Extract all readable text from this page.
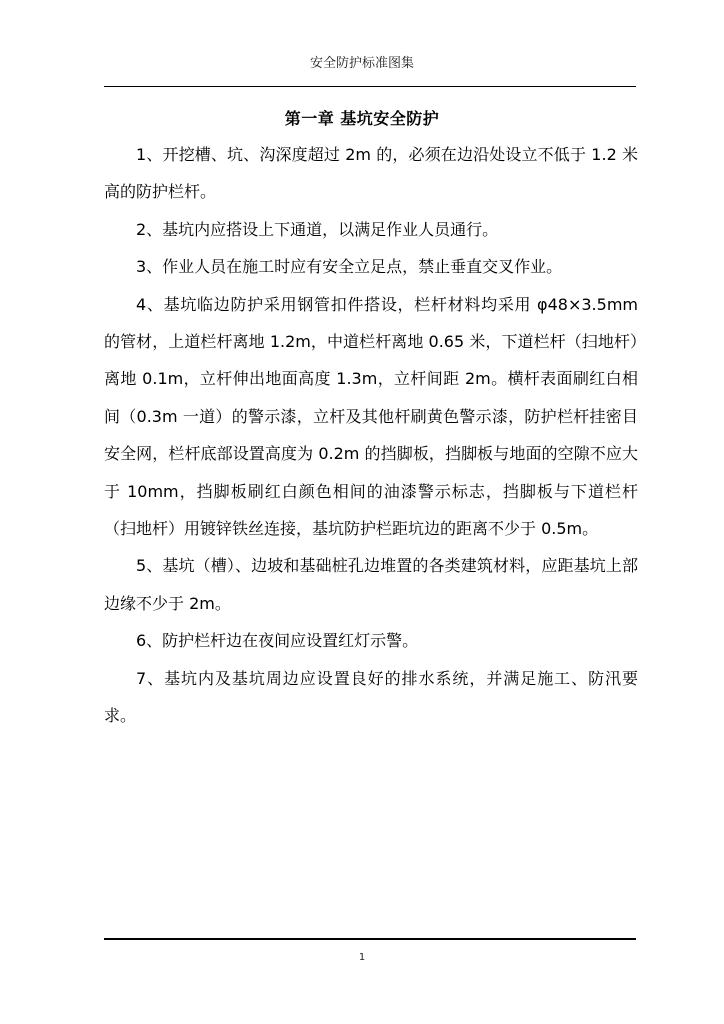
安全防护标准图集
第一章 基坑安全防护

1、开挖槽、坑、沟深度超过 2m 的，必须在边沿处设立不低于 1.2 米高的防护栏杆。

2、基坑内应搭设上下通道，以满足作业人员通行。

3、作业人员在施工时应有安全立足点，禁止垂直交叉作业。

4、基坑临边防护采用钢管扣件搭设，栏杆材料均采用 φ48×3.5mm 的管材，上道栏杆离地 1.2m，中道栏杆离地 0.65 米，下道栏杆（扫地杆）离地 0.1m，立杆伸出地面高度 1.3m，立杆间距 2m。横杆表面刷红白相间（0.3m 一道）的警示漆，立杆及其他杆刷黄色警示漆，防护栏杆挂密目安全网，栏杆底部设置高度为 0.2m 的挡脚板，挡脚板与地面的空隙不应大于 10mm，挡脚板刷红白颜色相间的油漆警示标志，挡脚板与下道栏杆（扫地杆）用镀锌铁丝连接，基坑防护栏距坑边的距离不少于 0.5m。

5、基坑（槽）、边坡和基础桩孔边堆置的各类建筑材料，应距基坑上部边缘不少于 2m。

6、防护栏杆边在夜间应设置红灯示警。

7、基坑内及基坑周边应设置良好的排水系统，并满足施工、防汛要求。

1
